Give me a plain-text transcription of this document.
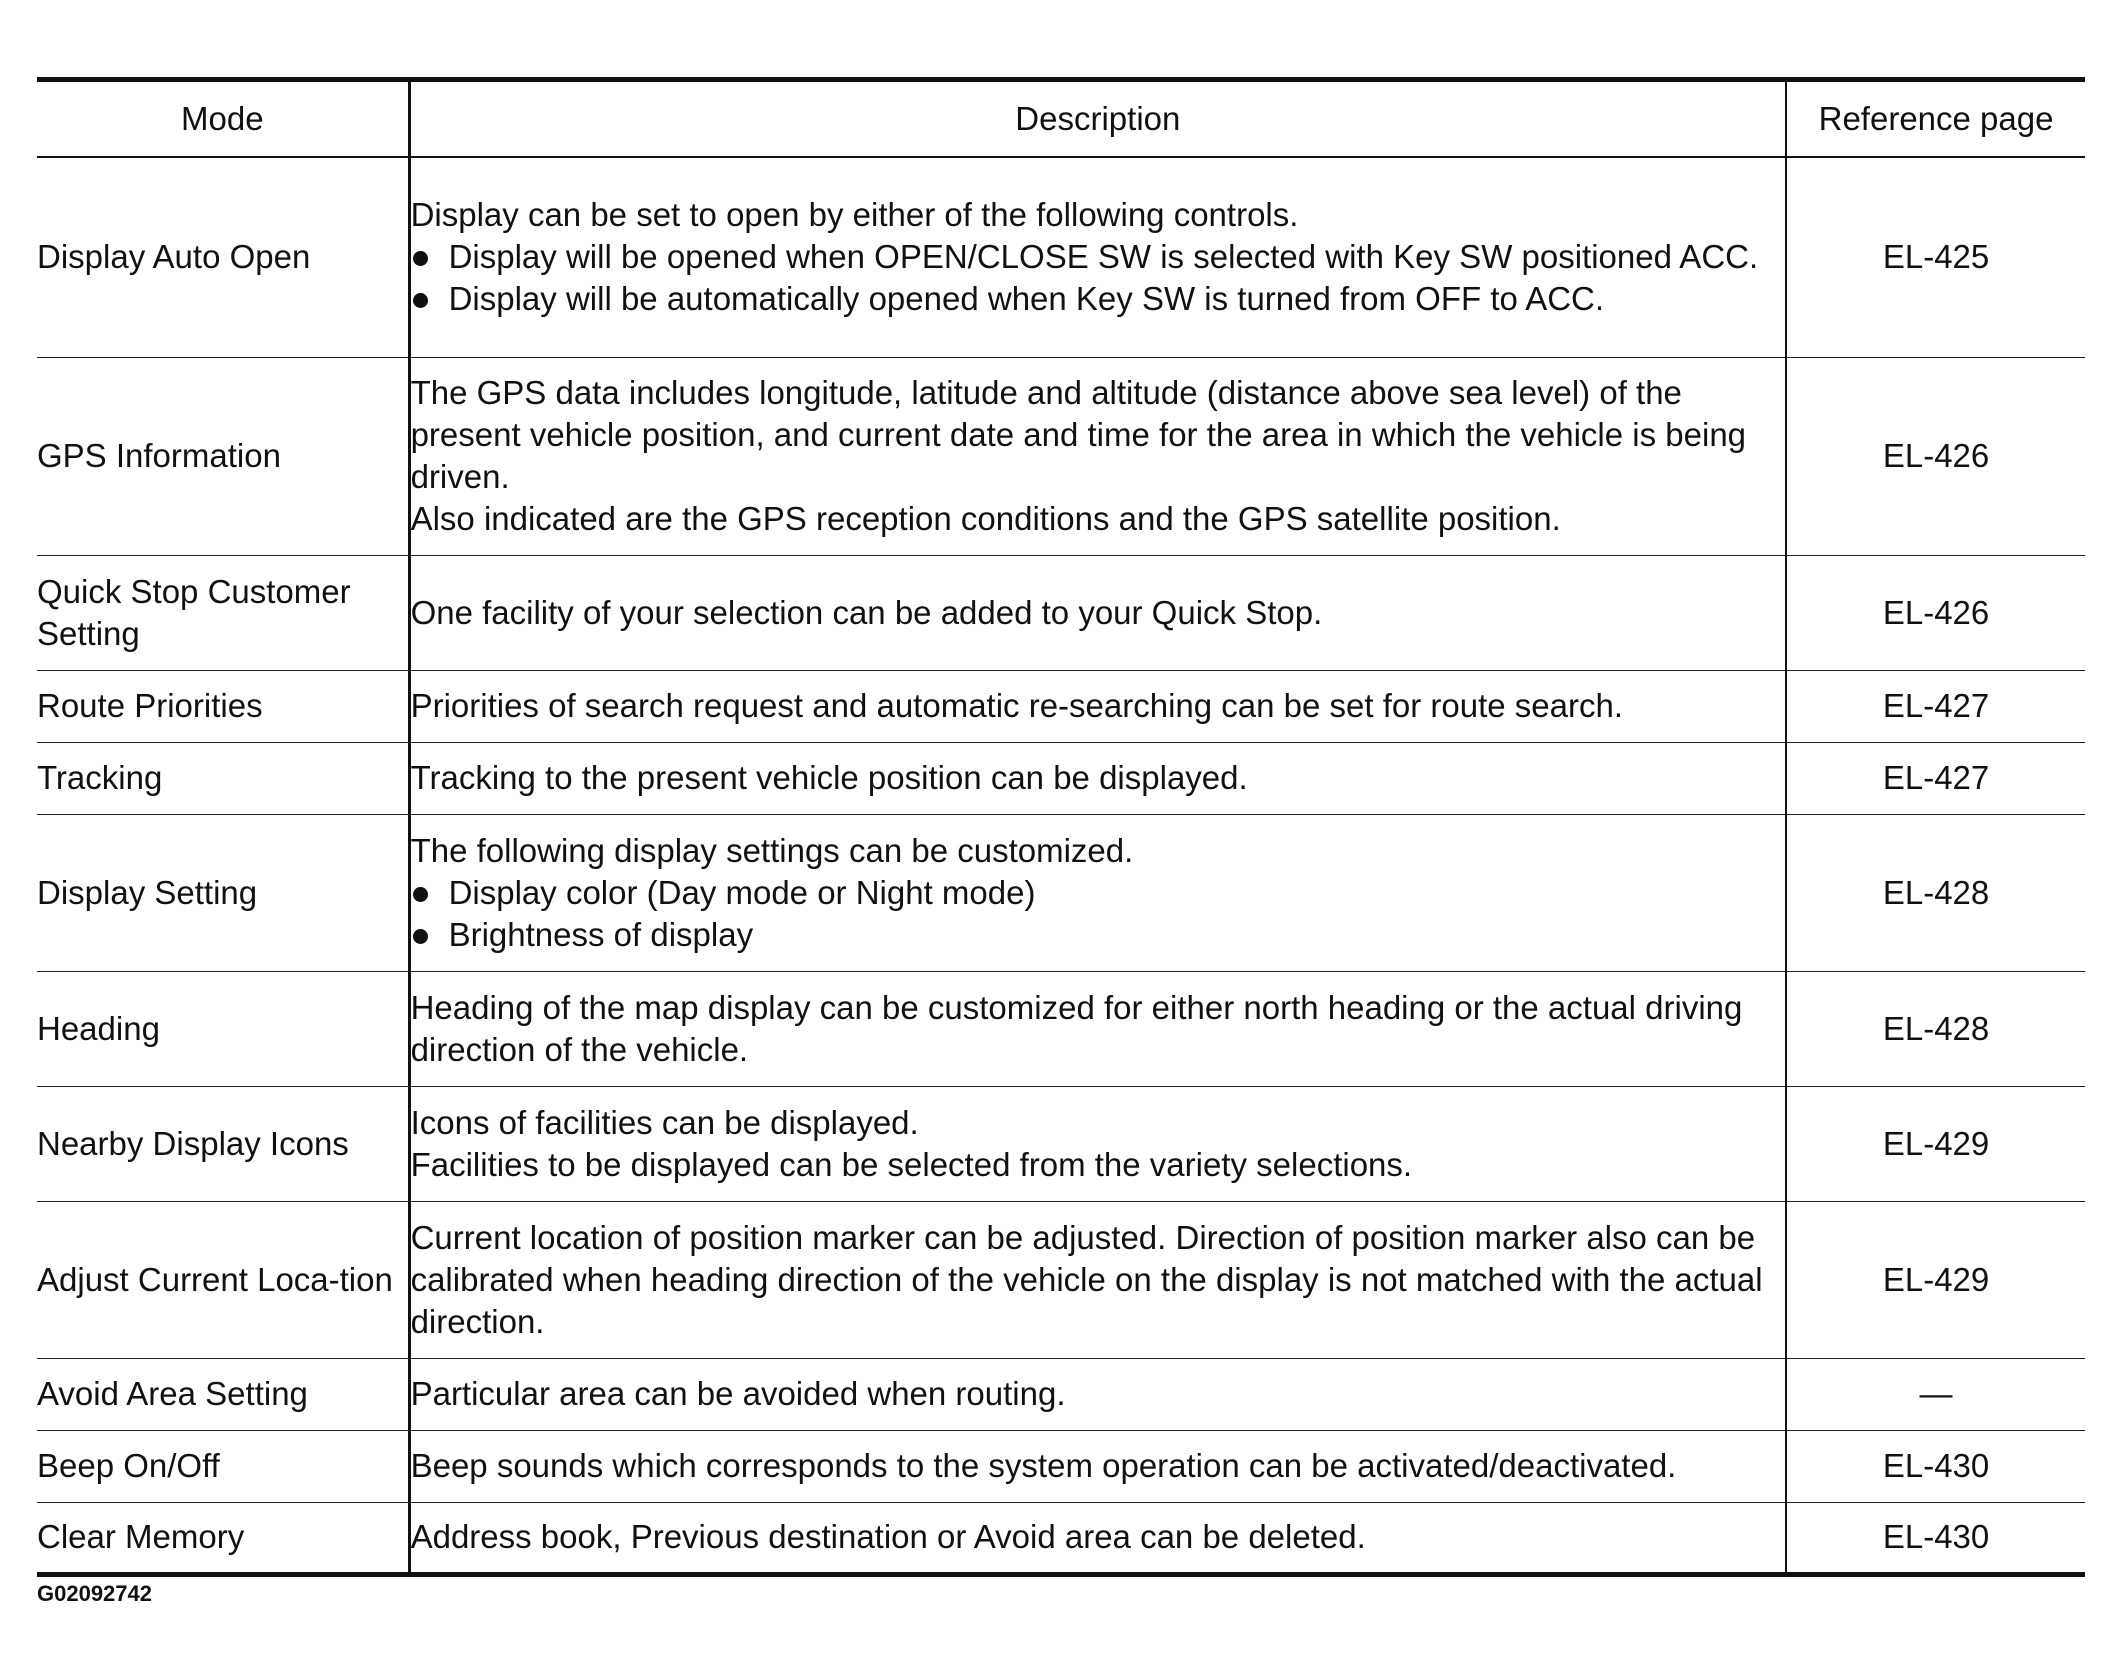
Mode	Description	Reference page
Display Auto Open	Display can be set to open by either of the following controls.
Display will be opened when OPEN/CLOSE SW is selected with Key SW positioned ACC.
Display will be automatically opened when Key SW is turned from OFF to ACC.	EL-425
GPS Information	The GPS data includes longitude, latitude and altitude (distance above sea level) of the present vehicle position, and current date and time for the area in which the vehicle is being driven.
Also indicated are the GPS reception conditions and the GPS satellite position.	EL-426
Quick Stop Customer Setting	One facility of your selection can be added to your Quick Stop.	EL-426
Route Priorities	Priorities of search request and automatic re-searching can be set for route search.	EL-427
Tracking	Tracking to the present vehicle position can be displayed.	EL-427
Display Setting	The following display settings can be customized.
Display color (Day mode or Night mode)
Brightness of display	EL-428
Heading	Heading of the map display can be customized for either north heading or the actual driving direction of the vehicle.	EL-428
Nearby Display Icons	Icons of facilities can be displayed.
Facilities to be displayed can be selected from the variety selections.	EL-429
Adjust Current Loca-tion	Current location of position marker can be adjusted. Direction of position marker also can be calibrated when heading direction of the vehicle on the display is not matched with the actual direction.	EL-429
Avoid Area Setting	Particular area can be avoided when routing.	—
Beep On/Off	Beep sounds which corresponds to the system operation can be activated/deactivated.	EL-430
Clear Memory	Address book, Previous destination or Avoid area can be deleted.	EL-430
G02092742
